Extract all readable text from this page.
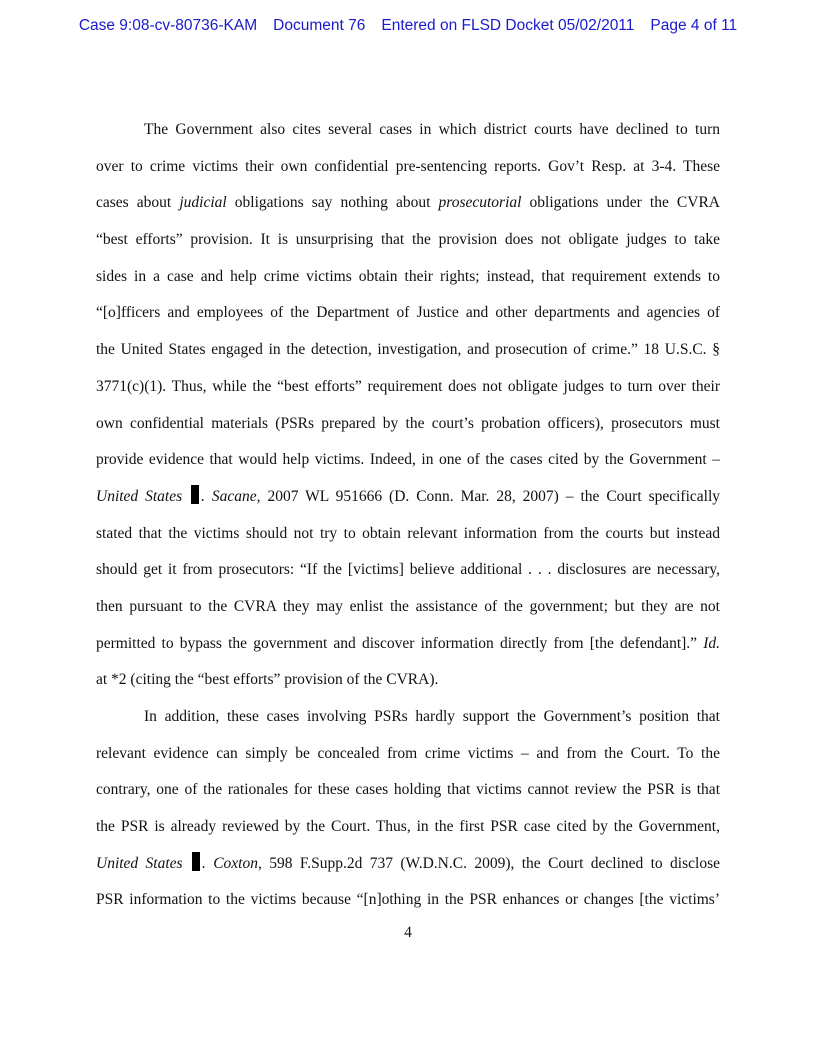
Case 9:08-cv-80736-KAM Document 76 Entered on FLSD Docket 05/02/2011 Page 4 of 11
The Government also cites several cases in which district courts have declined to turn
over to crime victims their own confidential pre-sentencing reports. Gov’t Resp. at 3-4. These
cases about judicial obligations say nothing about prosecutorial obligations under the CVRA
“best efforts” provision. It is unsurprising that the provision does not obligate judges to take
sides in a case and help crime victims obtain their rights; instead, that requirement extends to
“[o]fficers and employees of the Department of Justice and other departments and agencies of
the United States engaged in the detection, investigation, and prosecution of crime.” 18 U.S.C. §
3771(c)(1). Thus, while the “best efforts” requirement does not obligate judges to turn over their
own confidential materials (PSRs prepared by the court’s probation officers), prosecutors must
provide evidence that would help victims. Indeed, in one of the cases cited by the Government –
United States . Sacane, 2007 WL 951666 (D. Conn. Mar. 28, 2007) – the Court specifically
stated that the victims should not try to obtain relevant information from the courts but instead
should get it from prosecutors: “If the [victims] believe additional . . . disclosures are necessary,
then pursuant to the CVRA they may enlist the assistance of the government; but they are not
permitted to bypass the government and discover information directly from [the defendant].” Id.
at *2 (citing the “best efforts” provision of the CVRA).
In addition, these cases involving PSRs hardly support the Government’s position that
relevant evidence can simply be concealed from crime victims – and from the Court. To the
contrary, one of the rationales for these cases holding that victims cannot review the PSR is that
the PSR is already reviewed by the Court. Thus, in the first PSR case cited by the Government,
United States . Coxton, 598 F.Supp.2d 737 (W.D.N.C. 2009), the Court declined to disclose
PSR information to the victims because “[n]othing in the PSR enhances or changes [the victims’
4
